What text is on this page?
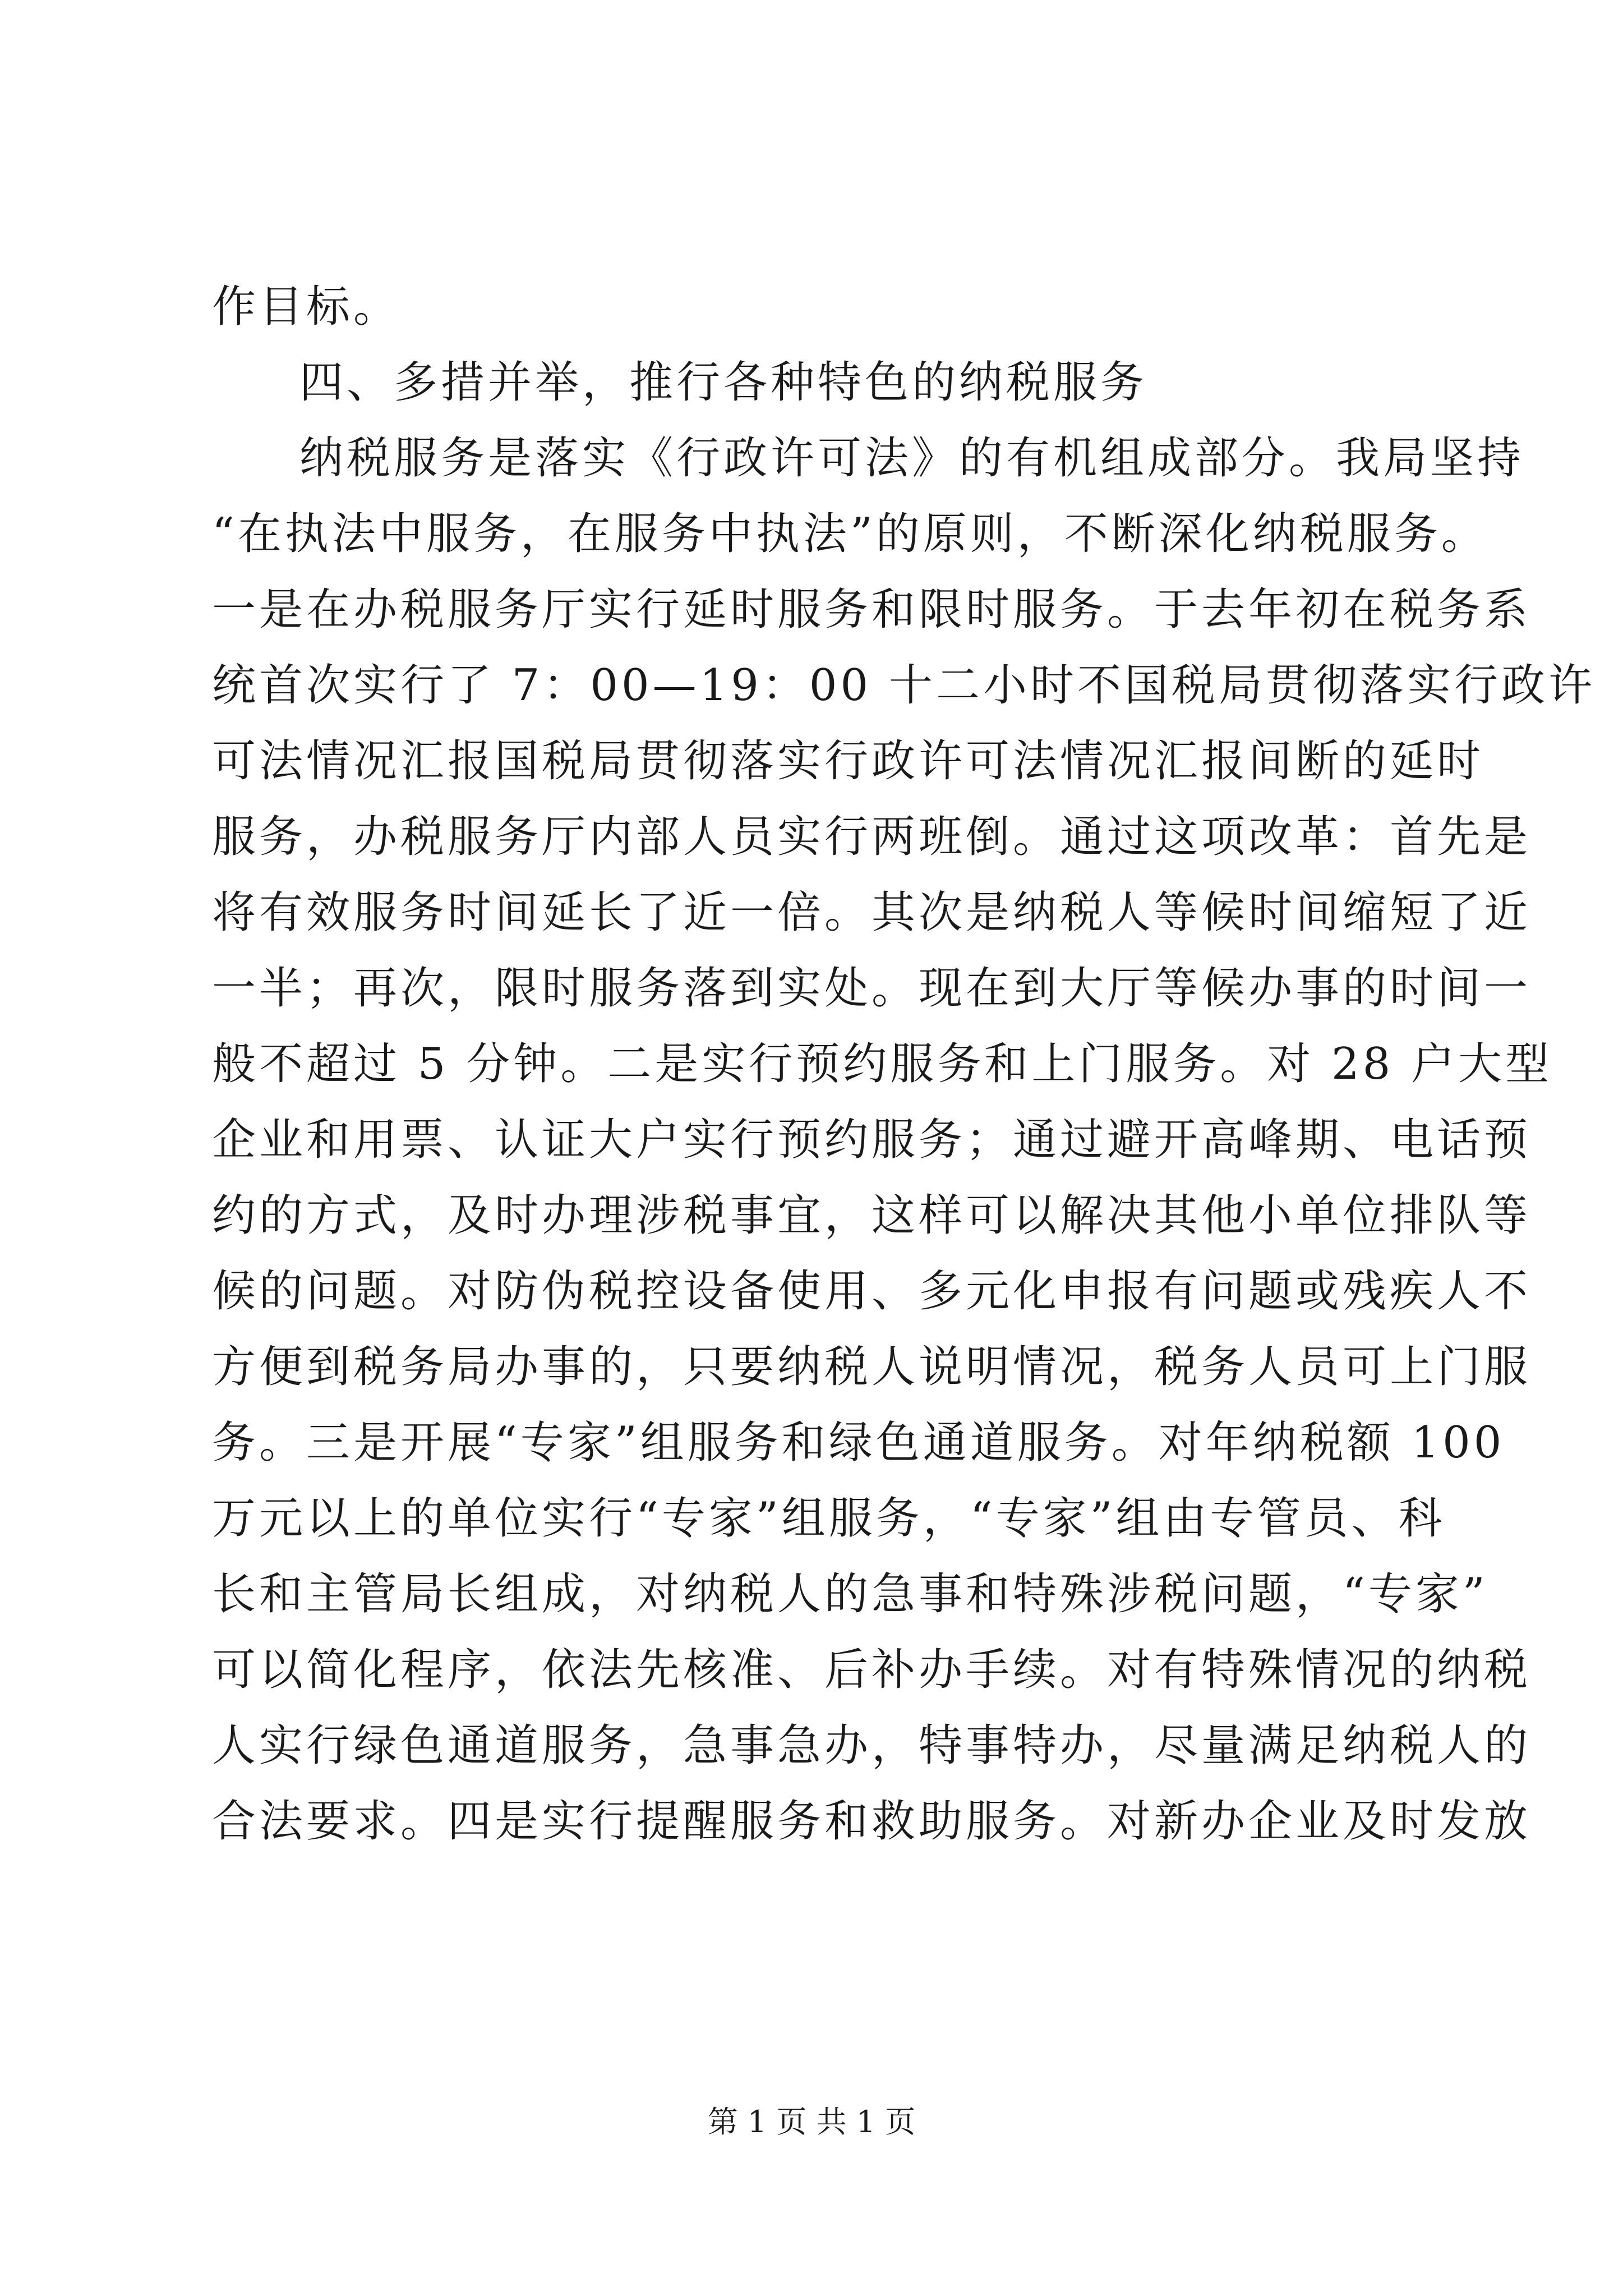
作目标。
四、多措并举，推行各种特色的纳税服务
纳税服务是落实《行政许可法》的有机组成部分。我局坚持
“在执法中服务，在服务中执法”的原则，不断深化纳税服务。
一是在办税服务厅实行延时服务和限时服务。于去年初在税务系
统首次实行了 7：00—19：00 十二小时不国税局贯彻落实行政许
可法情况汇报国税局贯彻落实行政许可法情况汇报间断的延时
服务，办税服务厅内部人员实行两班倒。通过这项改革：首先是
将有效服务时间延长了近一倍。其次是纳税人等候时间缩短了近
一半；再次，限时服务落到实处。现在到大厅等候办事的时间一
般不超过 5 分钟。二是实行预约服务和上门服务。对 28 户大型
企业和用票、认证大户实行预约服务；通过避开高峰期、电话预
约的方式，及时办理涉税事宜，这样可以解决其他小单位排队等
候的问题。对防伪税控设备使用、多元化申报有问题或残疾人不
方便到税务局办事的，只要纳税人说明情况，税务人员可上门服
务。三是开展“专家”组服务和绿色通道服务。对年纳税额 100
万元以上的单位实行“专家”组服务，“专家”组由专管员、科
长和主管局长组成，对纳税人的急事和特殊涉税问题，“专家”
可以简化程序，依法先核准、后补办手续。对有特殊情况的纳税
人实行绿色通道服务，急事急办，特事特办，尽量满足纳税人的
合法要求。四是实行提醒服务和救助服务。对新办企业及时发放
第 1 页 共 1 页
